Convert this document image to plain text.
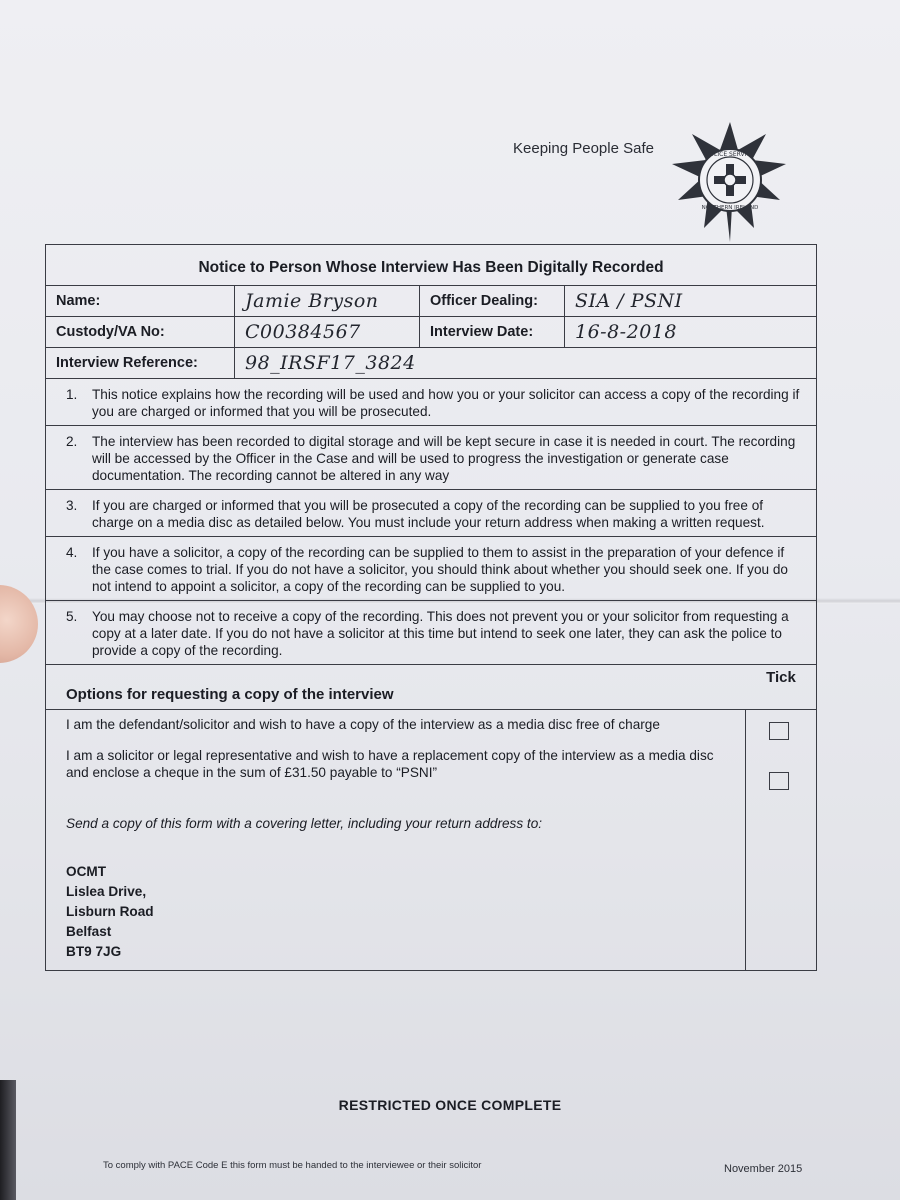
Keeping People Safe	POLICE SERVICE
NORTHERN IRELAND
Notice to Person Whose Interview Has Been Digitally Recorded
Name:	Jamie Bryson	Officer Dealing:	SIA / PSNI
Custody/VA No:	C00384567	Interview Date:	16-8-2018
Interview Reference:	98_IRSF17_3824
1.	This notice explains how the recording will be used and how you or your solicitor can access a copy of the recording if you are charged or informed that you will be prosecuted.
2.	The interview has been recorded to digital storage and will be kept secure in case it is needed in court. The recording will be accessed by the Officer in the Case and will be used to progress the investigation or generate case documentation. The recording cannot be altered in any way
3.	If you are charged or informed that you will be prosecuted a copy of the recording can be supplied to you free of charge on a media disc as detailed below. You must include your return address when making a written request.
4.	If you have a solicitor, a copy of the recording can be supplied to them to assist in the preparation of your defence if the case comes to trial. If you do not have a solicitor, you should think about whether you should seek one. If you do not intend to appoint a solicitor, a copy of the recording can be supplied to you.
5.	You may choose not to receive a copy of the recording. This does not prevent you or your solicitor from requesting a copy at a later date. If you do not have a solicitor at this time but intend to seek one later, they can ask the police to provide a copy of the recording.
Options for requesting a copy of the interview
Tick
I am the defendant/solicitor and wish to have a copy of the interview as a media disc free of charge
I am a solicitor or legal representative and wish to have a replacement copy of the interview as a media disc and enclose a cheque in the sum of £31.50 payable to “PSNI”
Send a copy of this form with a covering letter, including your return address to:
OCMT
Lislea Drive,
Lisburn Road
Belfast
BT9 7JG
RESTRICTED ONCE COMPLETE
To comply with PACE Code E this form must be handed to the interviewee or their solicitor	November 2015
